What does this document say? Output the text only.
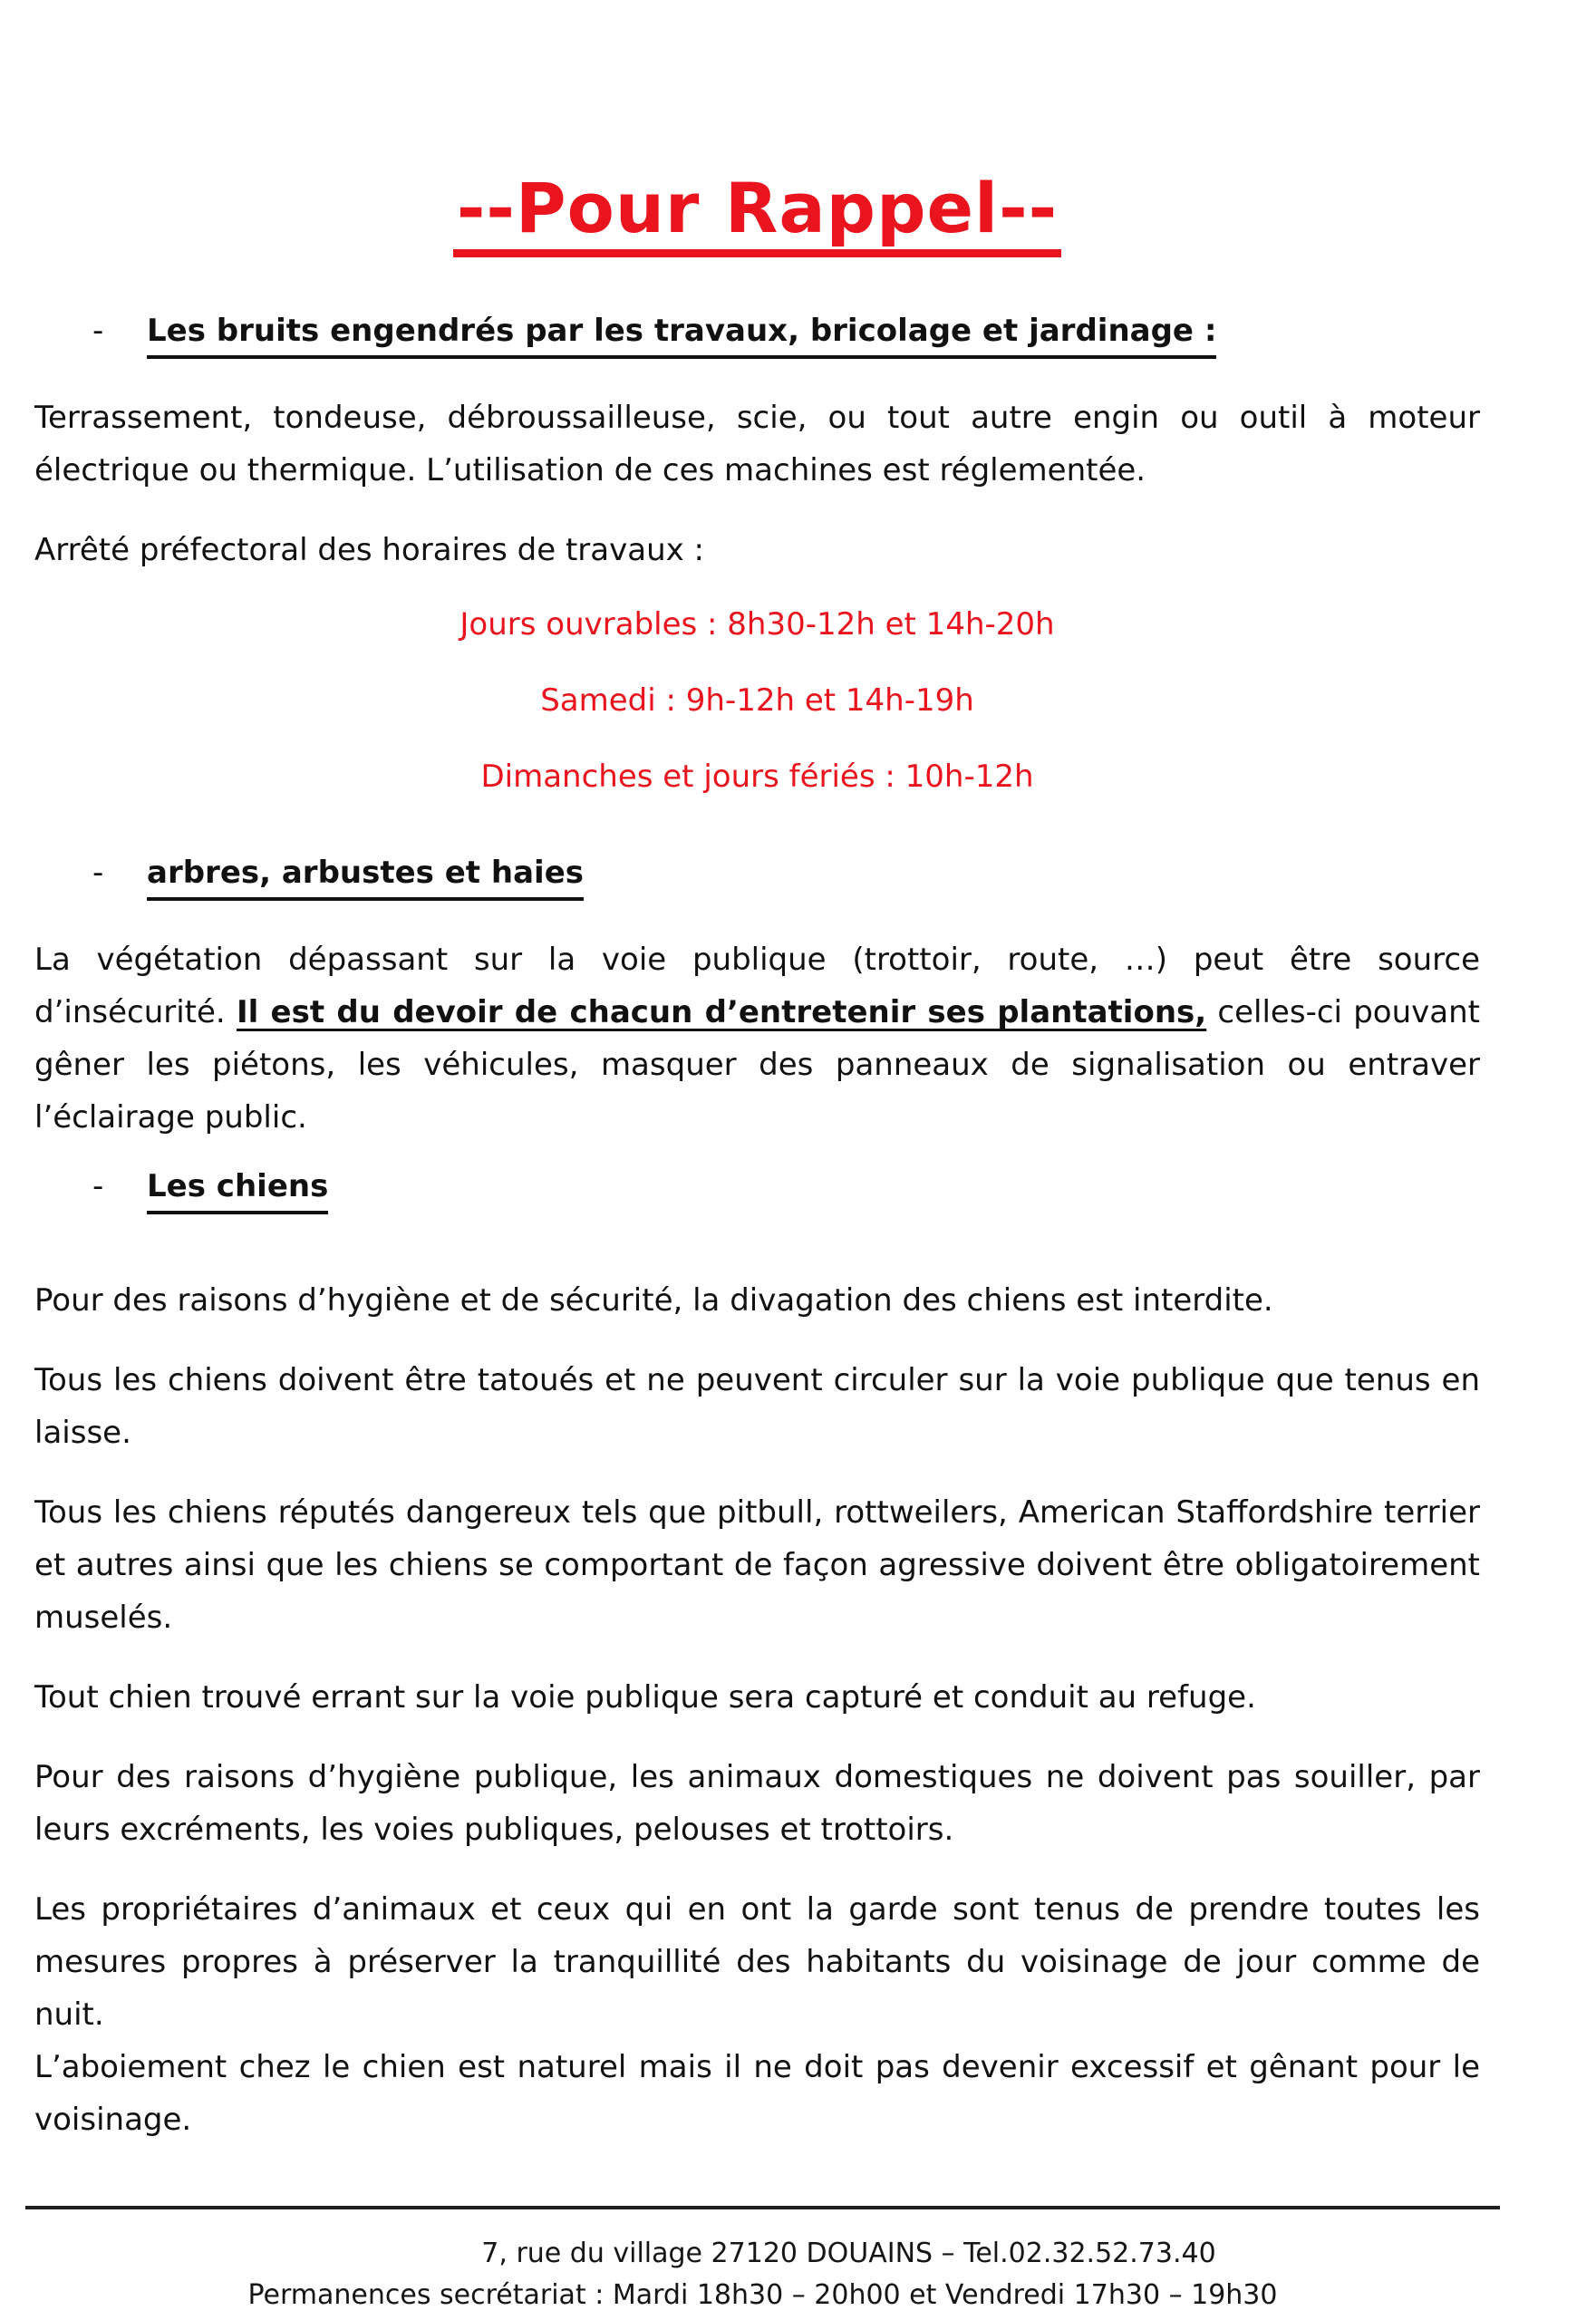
--Pour Rappel--
-	Les bruits engendrés par les travaux, bricolage et jardinage :

Terrassement, tondeuse, débroussailleuse, scie, ou tout autre engin ou outil à moteur électrique ou thermique. L’utilisation de ces machines est réglementée.

Arrêté préfectoral des horaires de travaux :

Jours ouvrables : 8h30-12h et 14h-20h

Samedi : 9h-12h et 14h-19h

Dimanches et jours fériés : 10h-12h

-	arbres, arbustes et haies

La végétation dépassant sur la voie publique (trottoir, route, …) peut être source d’insécurité. Il est du devoir de chacun d’entretenir ses plantations, celles-ci pouvant gêner les piétons, les véhicules, masquer des panneaux de signalisation ou entraver l’éclairage public.

-	Les chiens

Pour des raisons d’hygiène et de sécurité, la divagation des chiens est interdite.

Tous les chiens doivent être tatoués et ne peuvent circuler sur la voie publique que tenus en laisse.

Tous les chiens réputés dangereux tels que pitbull, rottweilers, American Staffordshire terrier et autres ainsi que les chiens se comportant de façon agressive doivent être obligatoirement muselés.

Tout chien trouvé errant sur la voie publique sera capturé et conduit au refuge.

Pour des raisons d’hygiène publique, les animaux domestiques ne doivent pas souiller, par leurs excréments, les voies publiques, pelouses et trottoirs.

Les propriétaires d’animaux et ceux qui en ont la garde sont tenus de prendre toutes les mesures propres à préserver la tranquillité des habitants du voisinage de jour comme de nuit.

L’aboiement chez le chien est naturel mais il ne doit pas devenir excessif et gênant pour le voisinage.

7, rue du village 27120 DOUAINS – Tel.02.32.52.73.40
Permanences secrétariat : Mardi 18h30 – 20h00 et Vendredi 17h30 – 19h30
